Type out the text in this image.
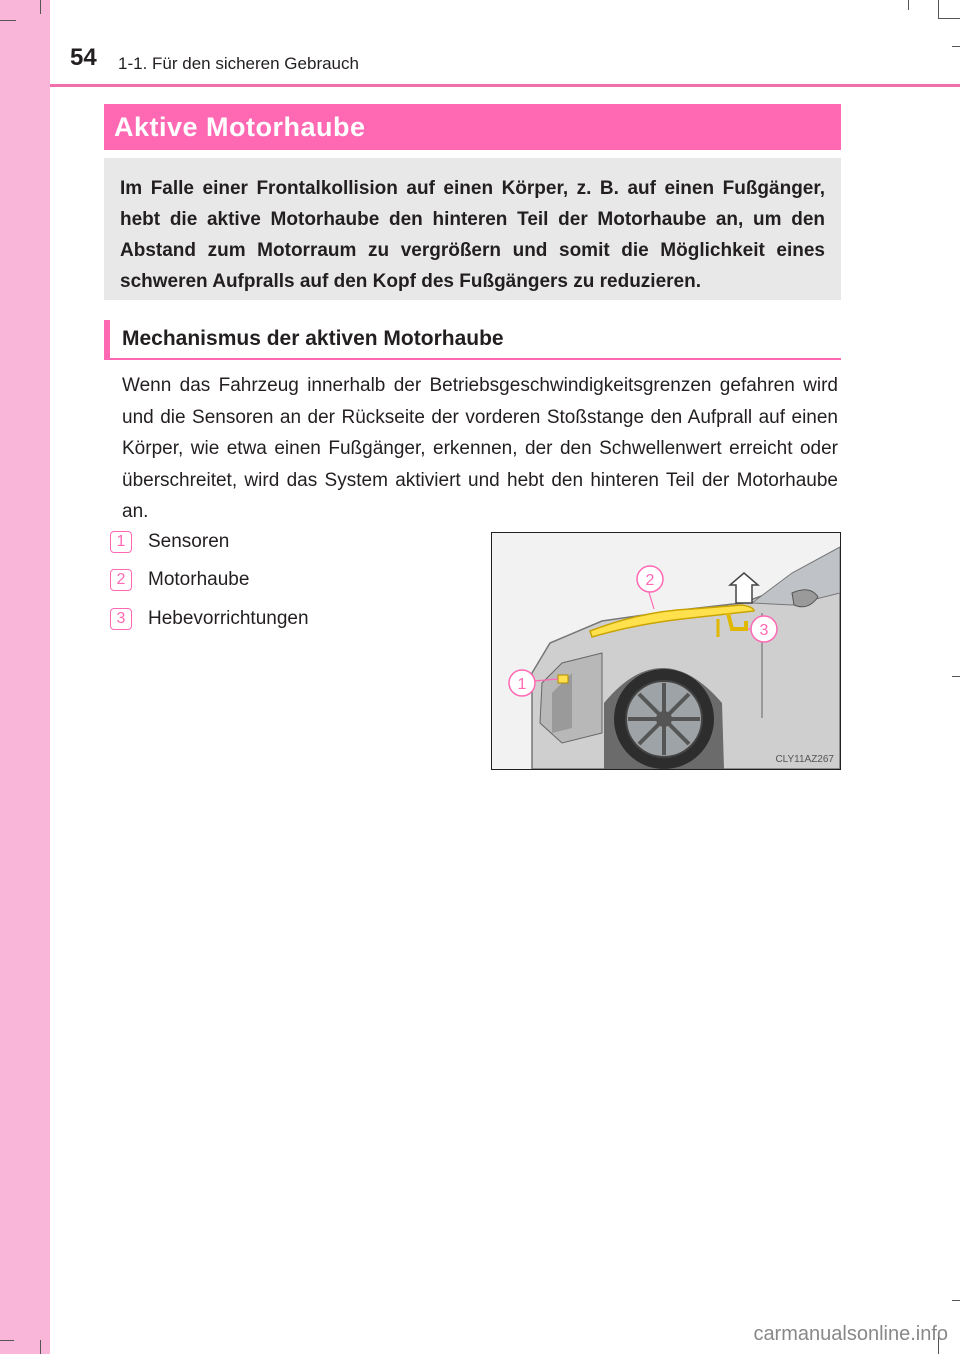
54 1-1. Für den sicheren Gebrauch
Aktive Motorhaube

Im Falle einer Frontalkollision auf einen Körper, z. B. auf einen Fußgänger, hebt die aktive Motorhaube den hinteren Teil der Motorhaube an, um den Abstand zum Motorraum zu vergrößern und somit die Möglichkeit eines schweren Aufpralls auf den Kopf des Fußgängers zu reduzieren.

Mechanismus der aktiven Motorhaube

Wenn das Fahrzeug innerhalb der Betriebsgeschwindigkeitsgrenzen gefahren wird und die Sensoren an der Rückseite der vorderen Stoßstange den Aufprall auf einen Körper, wie etwa einen Fußgänger, erkennen, der den Schwellenwert erreicht oder überschreitet, wird das System aktiviert und hebt den hinteren Teil der Motorhaube an.

1	Sensoren
2	Motorhaube
3	Hebevorrichtungen
1
2
3
CLY11AZ267
carmanualsonline.info
